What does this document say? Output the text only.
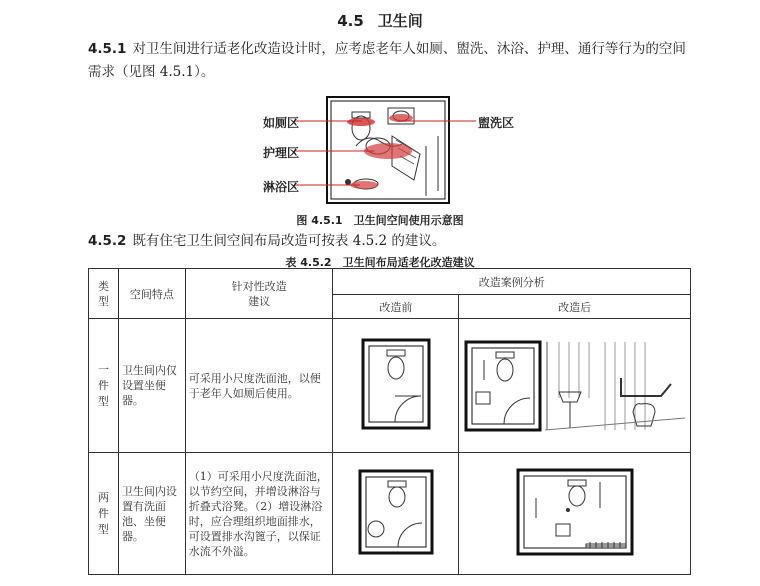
4.5 卫生间
4.5.1 对卫生间进行适老化改造设计时，应考虑老年人如厕、盥洗、沐浴、护理、通行等行为的空间需求（见图 4.5.1）。
如厕区
护理区
淋浴区
盥洗区
图 4.5.1　卫生间空间使用示意图
4.5.2 既有住宅卫生间空间布局改造可按表 4.5.2 的建议。
表 4.5.2　卫生间布局适老化改造建议
类型	空间特点	针对性改造建议	改造案例分析	
			改造前	改造后

一件型	卫生间内仅设置坐便器。	可采用小尺度洗面池，以便于老年人如厕后使用。		

两件型	卫生间内设置有洗面池、坐便器。	（1）可采用小尺度洗面池，以节约空间，并增设淋浴与折叠式浴凳。（2）增设淋浴时，应合理组织地面排水，可设置排水沟篦子，以保证水流不外溢。		
